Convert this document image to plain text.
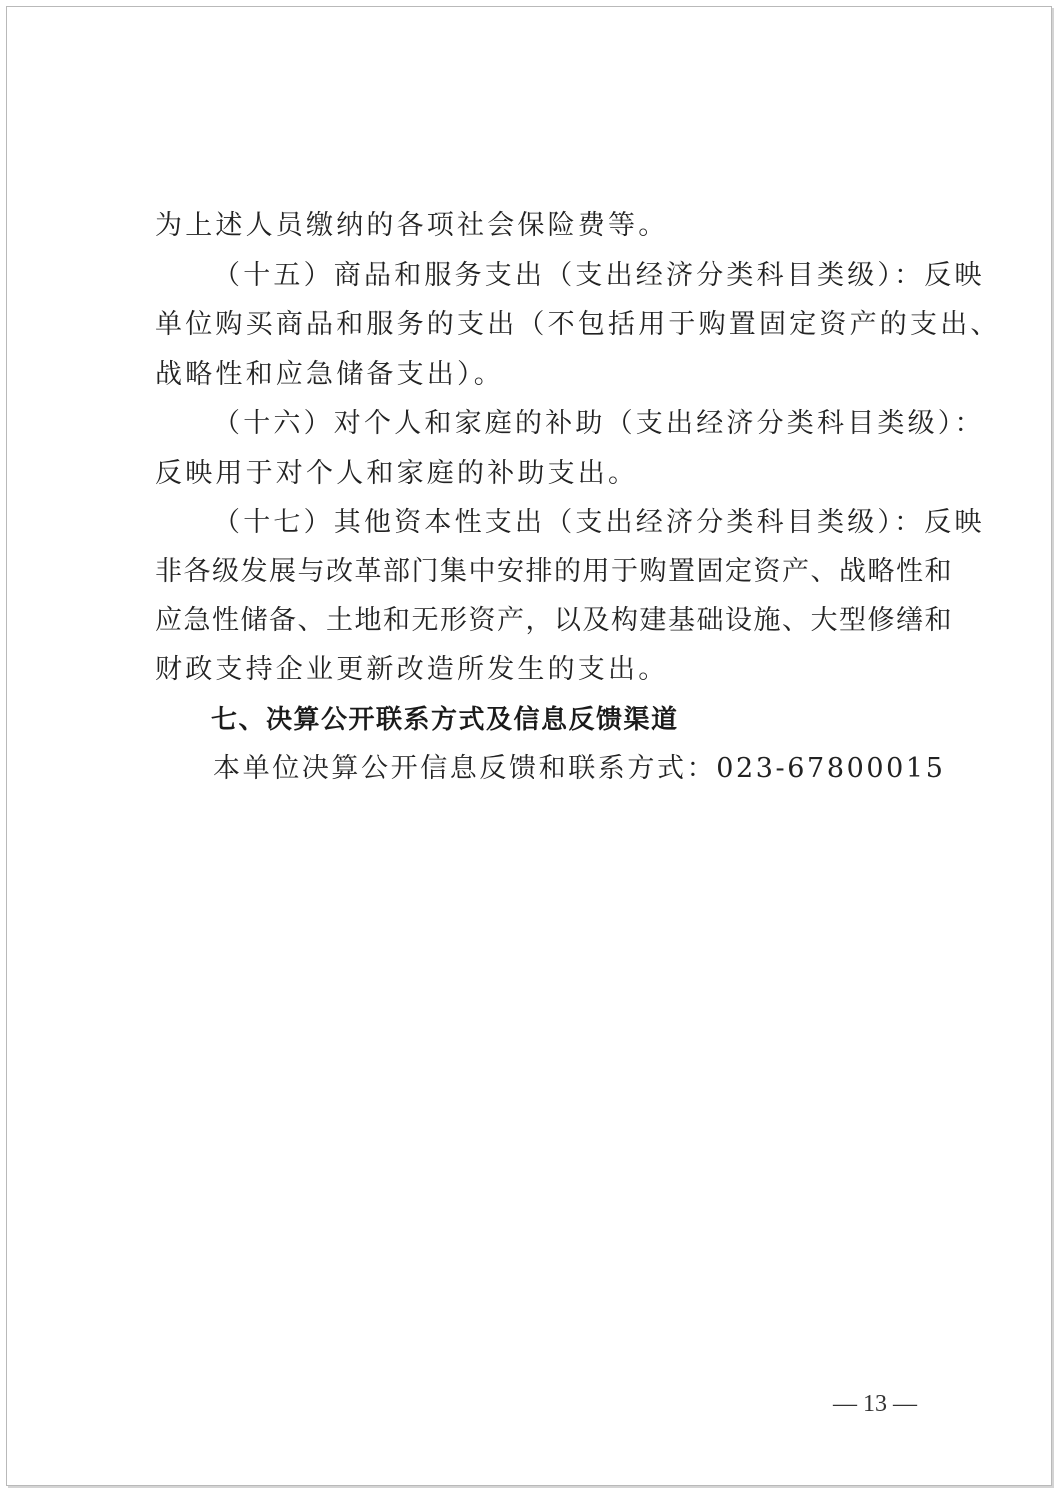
为上述人员缴纳的各项社会保险费等。
（十五）商品和服务支出（支出经济分类科目类级）：反映
单位购买商品和服务的支出（不包括用于购置固定资产的支出、
战略性和应急储备支出）。
（十六）对个人和家庭的补助（支出经济分类科目类级）：
反映用于对个人和家庭的补助支出。
（十七）其他资本性支出（支出经济分类科目类级）：反映
非各级发展与改革部门集中安排的用于购置固定资产、战略性和
应急性储备、土地和无形资产，以及构建基础设施、大型修缮和
财政支持企业更新改造所发生的支出。
七、决算公开联系方式及信息反馈渠道
本单位决算公开信息反馈和联系方式：023-67800015
— 13 —
